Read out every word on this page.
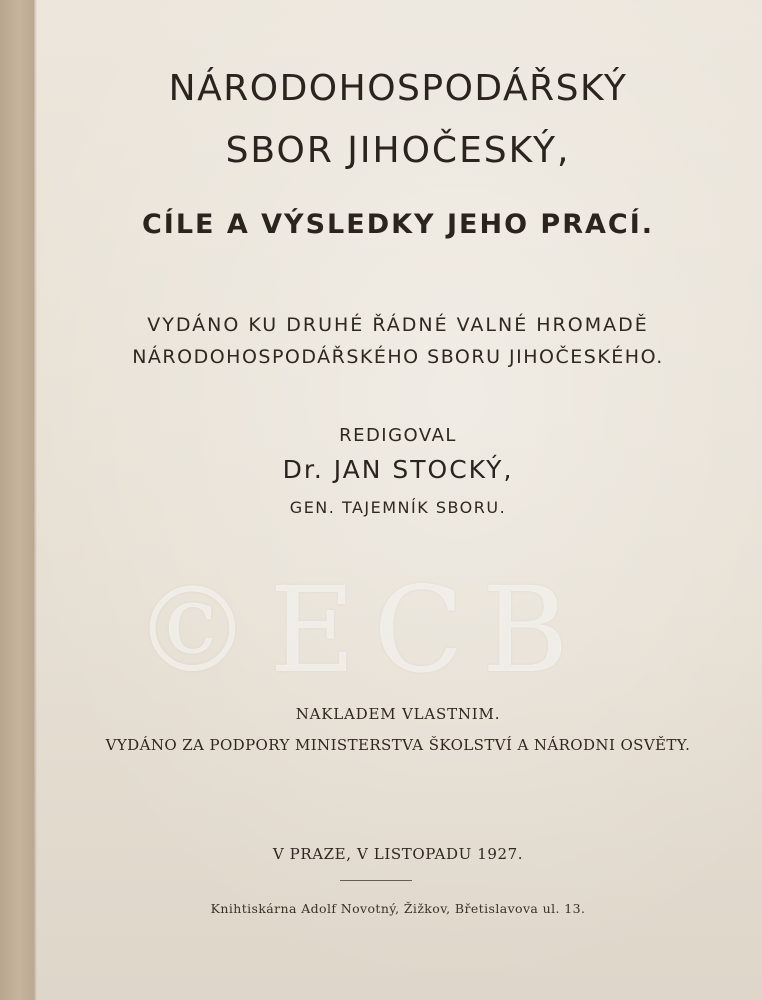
©ECB
NÁRODOHOSPODÁŘSKÝ
SBOR JIHOČESKÝ,
CÍLE A VÝSLEDKY JEHO PRACÍ.
VYDÁNO KU DRUHÉ ŘÁDNÉ VALNÉ HROMADĚ
NÁRODOHOSPODÁŘSKÉHO SBORU JIHOČESKÉHO.
REDIGOVAL
Dr. JAN STOCKÝ,
GEN. TAJEMNÍK SBORU.
NAKLADEM VLASTNIM.
VYDÁNO ZA PODPORY MINISTERSTVA ŠKOLSTVÍ A NÁRODNI OSVĚTY.
V PRAZE, V LISTOPADU 1927.
Knihtiskárna Adolf Novotný, Žižkov, Břetislavova ul. 13.
